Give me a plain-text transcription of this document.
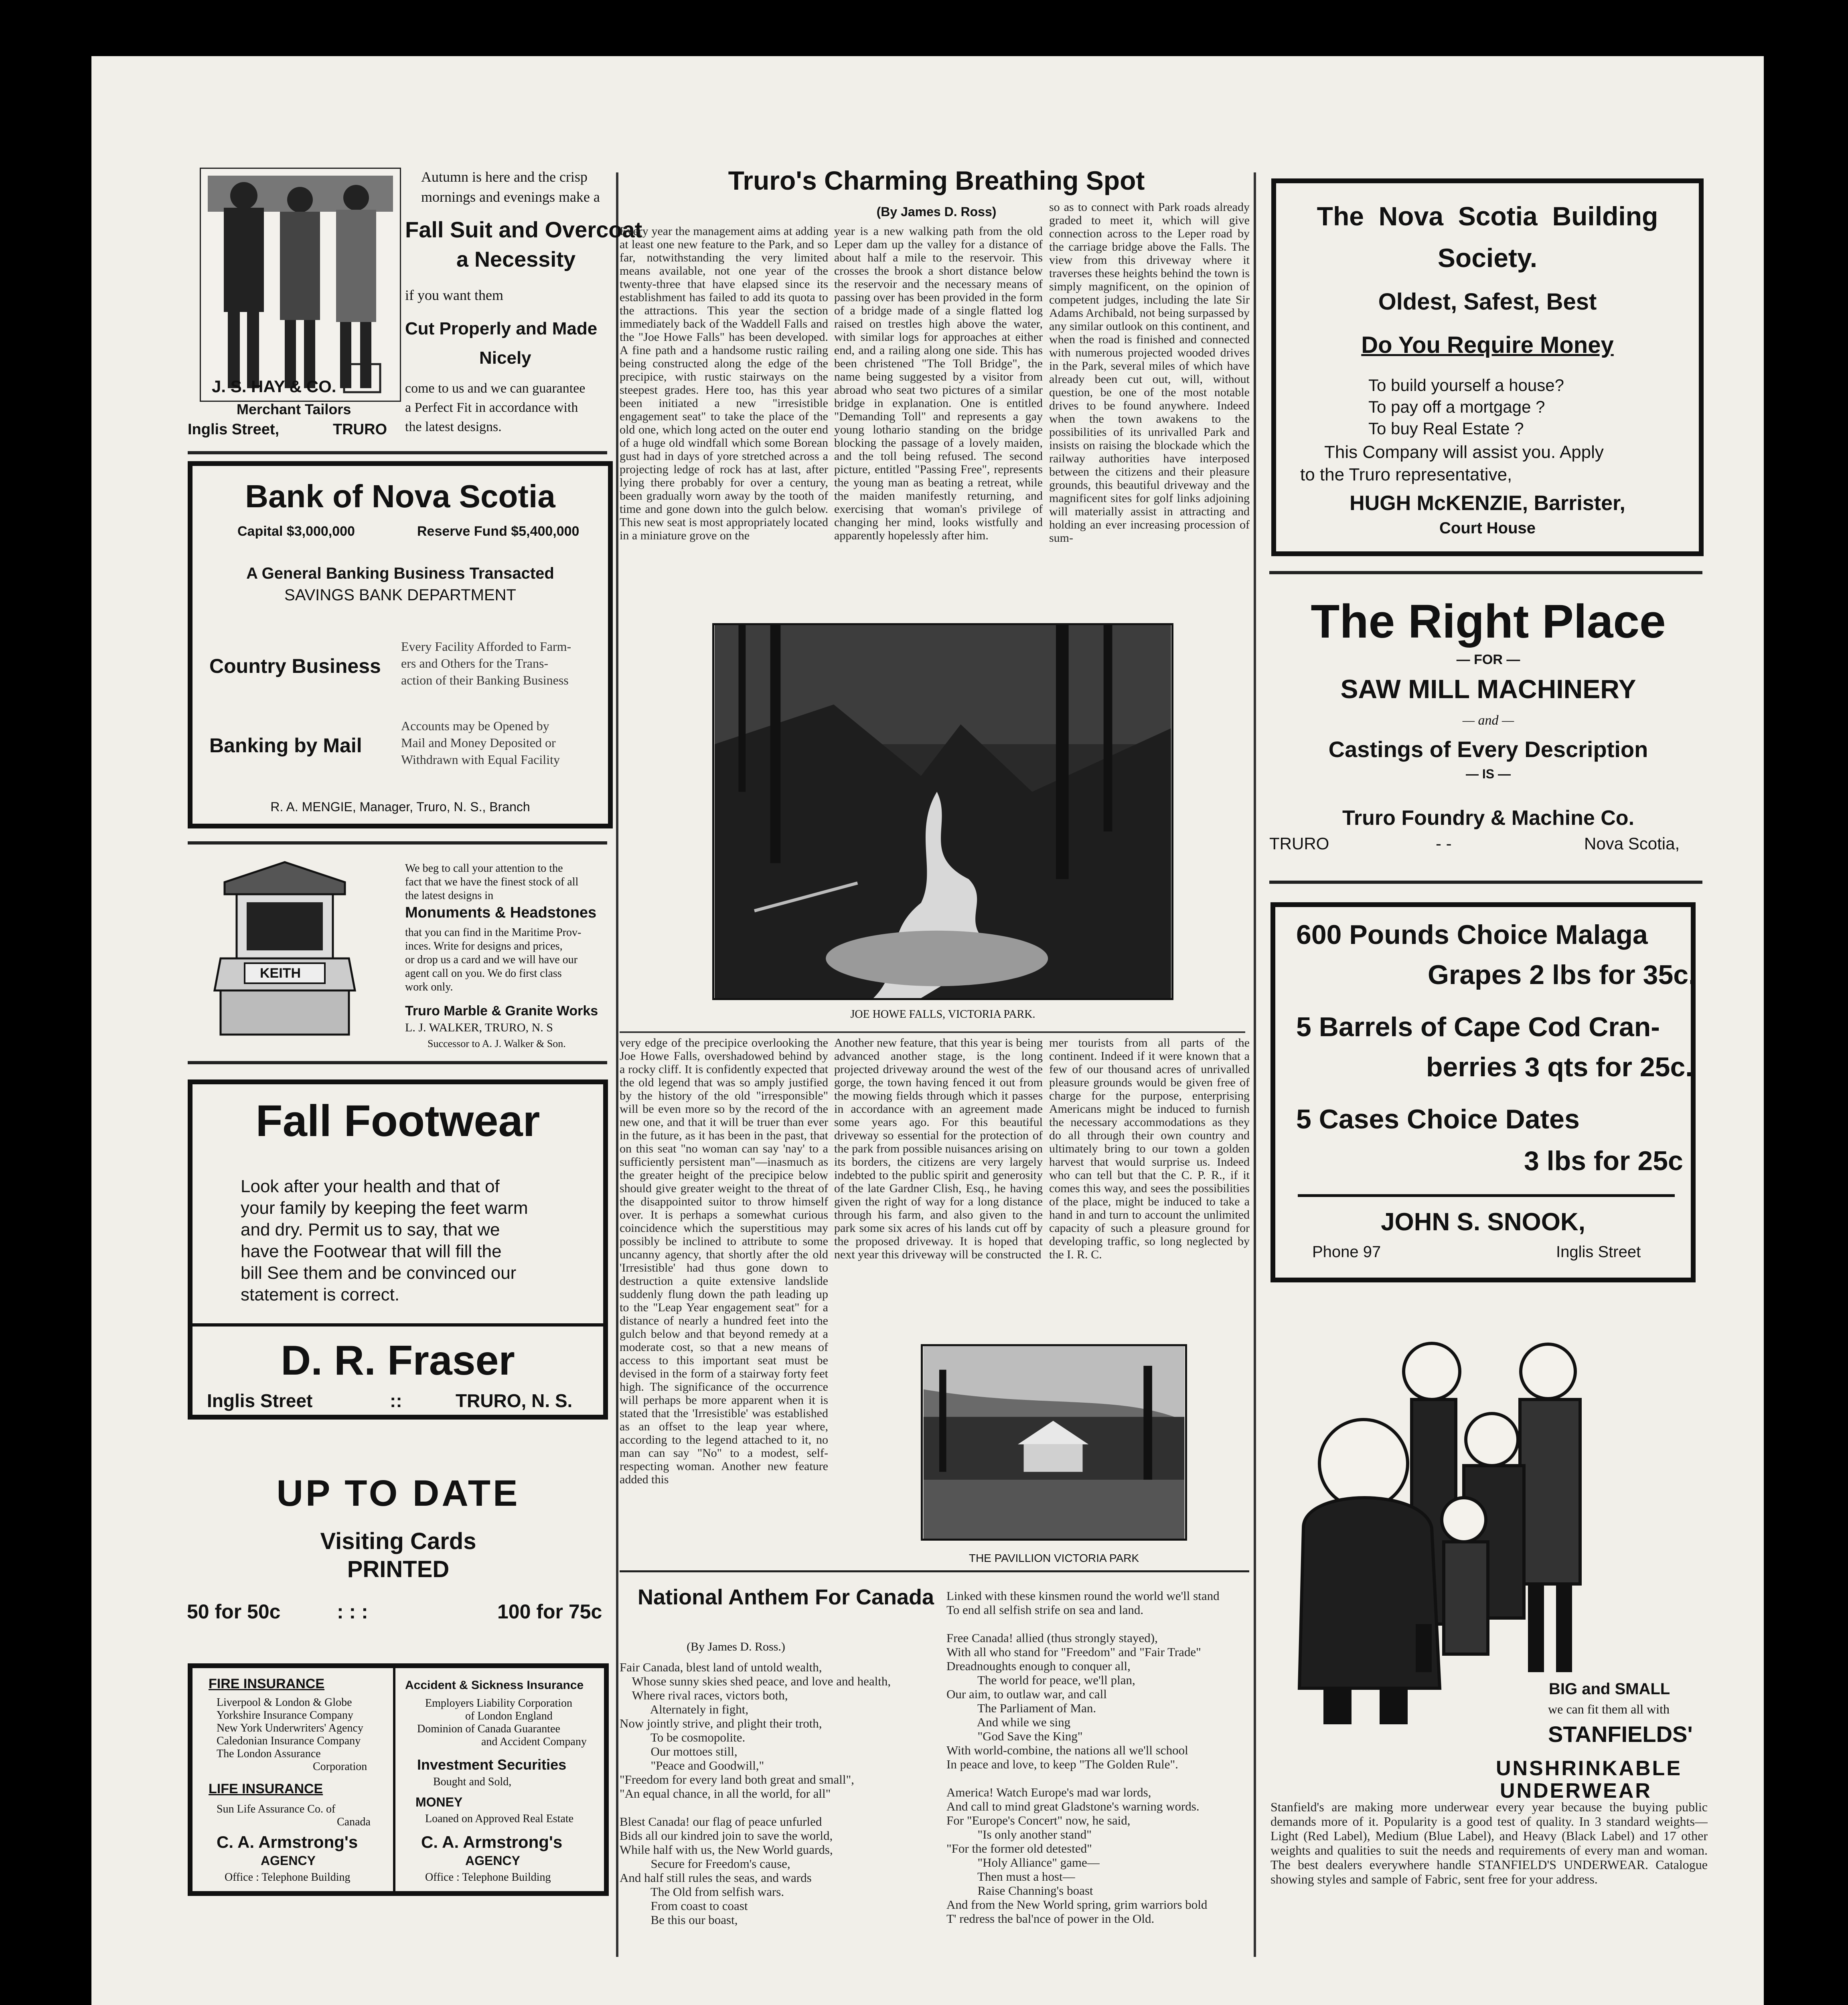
Autumn is here and the crisp
mornings and evenings make a
Fall Suit and Overcoat
a Necessity
if you want them
Cut Properly and Made
Nicely
come to us and we can guarantee
a Perfect Fit in accordance with
the latest designs.
J. S. HAY & CO.
Merchant Tailors
Inglis Street,	TRURO
Bank of Nova Scotia
Capital $3,000,000	Reserve Fund $5,400,000
A General Banking Business Transacted
SAVINGS BANK DEPARTMENT
Country Business
Every Facility Afforded to Farm-
ers and Others for the Trans-
action of their Banking Business
Banking by Mail
Accounts may be Opened by
Mail and Money Deposited or
Withdrawn with Equal Facility
R. A. MENGIE, Manager, Truro, N. S., Branch
KEITH
We beg to call your attention to the
fact that we have the finest stock of all
the latest designs in
Monuments & Headstones
that you can find in the Maritime Prov-
inces. Write for designs and prices,
or drop us a card and we will have our
agent call on you. We do first class
work only.
Truro Marble & Granite Works
L. J. WALKER, TRURO, N. S
Successor to A. J. Walker & Son.
Fall Footwear
Look after your health and that of
your family by keeping the feet warm
and dry. Permit us to say, that we
have the Footwear that will fill the
bill See them and be convinced our
statement is correct.
D. R. Fraser
Inglis Street	::	TRURO, N. S.
UP TO DATE
Visiting Cards
PRINTED
50 for 50c	: : :	100 for 75c
FIRE INSURANCE
Liverpool & London & Globe
Yorkshire Insurance Company
New York Underwriters' Agency
Caledonian Insurance Company
The London Assurance
Corporation
LIFE INSURANCE
Sun Life Assurance Co. of
Canada
C. A. Armstrong's
AGENCY
Office : Telephone Building
Accident & Sickness Insurance
Employers Liability Corporation
of London England
Dominion of Canada Guarantee
and Accident Company
Investment Securities
Bought and Sold,
MONEY
Loaned on Approved Real Estate
C. A. Armstrong's
AGENCY
Office : Telephone Building
Truro's Charming Breathing Spot
(By James D. Ross)
Every year the management aims at adding at least one new feature to the Park, and so far, notwithstanding the very limited means available, not one year of the twenty-three that have elapsed since its establishment has failed to add its quota to the attractions. This year the section immediately back of the Waddell Falls and the "Joe Howe Falls" has been developed. A fine path and a handsome rustic railing being constructed along the edge of the precipice, with rustic stairways on the steepest grades. Here too, has this year been initiated a new "irresistible engagement seat" to take the place of the old one, which long acted on the outer end of a huge old windfall which some Borean gust had in days of yore stretched across a projecting ledge of rock has at last, after lying there probably for over a century, been gradually worn away by the tooth of time and gone down into the gulch below. This new seat is most appropriately located in a miniature grove on the
year is a new walking path from the old Leper dam up the valley for a distance of about half a mile to the reservoir. This crosses the brook a short distance below the reservoir and the necessary means of passing over has been provided in the form of a bridge made of a single flatted log raised on trestles high above the water, with similar logs for approaches at either end, and a railing along one side. This has been christened "The Toll Bridge", the name being suggested by a visitor from abroad who seat two pictures of a similar bridge in explanation. One is entitled "Demanding Toll" and represents a gay young lothario standing on the bridge blocking the passage of a lovely maiden, and the toll being refused. The second picture, entitled "Passing Free", represents the young man as beating a retreat, while the maiden manifestly returning, and exercising that woman's privilege of changing her mind, looks wistfully and apparently hopelessly after him.
so as to connect with Park roads already graded to meet it, which will give connection across to the Leper road by the carriage bridge above the Falls. The view from this driveway where it traverses these heights behind the town is simply magnificent, on the opinion of competent judges, including the late Sir Adams Archibald, not being surpassed by any similar outlook on this continent, and when the road is finished and connected with numerous projected wooded drives in the Park, several miles of which have already been cut out, will, without question, be one of the most notable drives to be found anywhere. Indeed when the town awakens to the possibilities of its unrivalled Park and insists on raising the blockade which the railway authorities have interposed between the citizens and their pleasure grounds, this beautiful driveway and the magnificent sites for golf links adjoining will materially assist in attracting and holding an ever increasing procession of sum-
JOE HOWE FALLS, VICTORIA PARK.
very edge of the precipice overlooking the Joe Howe Falls, overshadowed behind by a rocky cliff. It is confidently expected that the old legend that was so amply justified by the history of the old "irresponsible" will be even more so by the record of the new one, and that it will be truer than ever in the future, as it has been in the past, that on this seat "no woman can say 'nay' to a sufficiently persistent man"—inasmuch as the greater height of the precipice below should give greater weight to the threat of the disappointed suitor to throw himself over. It is perhaps a somewhat curious coincidence which the superstitious may possibly be inclined to attribute to some uncanny agency, that shortly after the old 'Irresistible' had thus gone down to destruction a quite extensive landslide suddenly flung down the path leading up to the "Leap Year engagement seat" for a distance of nearly a hundred feet into the gulch below and that beyond remedy at a moderate cost, so that a new means of access to this important seat must be devised in the form of a stairway forty feet high. The significance of the occurrence will perhaps be more apparent when it is stated that the 'Irresistible' was established as an offset to the leap year where, according to the legend attached to it, no man can say "No" to a modest, self-respecting woman. Another new feature added this
Another new feature, that this year is being advanced another stage, is the long projected driveway around the west of the gorge, the town having fenced it out from the mowing fields through which it passes in accordance with an agreement made some years ago. For this beautiful driveway so essential for the protection of the park from possible nuisances arising on its borders, the citizens are very largely indebted to the public spirit and generosity of the late Gardner Clish, Esq., he having given the right of way for a long distance through his farm, and also given to the park some six acres of his lands cut off by the proposed driveway. It is hoped that next year this driveway will be constructed
mer tourists from all parts of the continent. Indeed if it were known that a few of our thousand acres of unrivalled pleasure grounds would be given free of charge for the purpose, enterprising Americans might be induced to furnish the necessary accommodations as they do all through their own country and ultimately bring to our town a golden harvest that would surprise us. Indeed who can tell but that the C. P. R., if it comes this way, and sees the possibilities of the place, might be induced to take a hand in and turn to account the unlimited capacity of such a pleasure ground for developing traffic, so long neglected by the I. R. C.
THE PAVILLION VICTORIA PARK
National Anthem For Canada
(By James D. Ross.)
Fair Canada, blest land of untold wealth,
Whose sunny skies shed peace, and love and health,
Where rival races, victors both,
Alternately in fight,
Now jointly strive, and plight their troth,
To be cosmopolite.
Our mottoes still,
"Peace and Goodwill,"
"Freedom for every land both great and small",
"An equal chance, in all the world, for all"

Blest Canada! our flag of peace unfurled
Bids all our kindred join to save the world,
While half with us, the New World guards,
Secure for Freedom's cause,
And half still rules the seas, and wards
The Old from selfish wars.
From coast to coast
Be this our boast,
Linked with these kinsmen round the world we'll stand
To end all selfish strife on sea and land.

Free Canada! allied (thus strongly stayed),
With all who stand for "Freedom" and "Fair Trade"
Dreadnoughts enough to conquer all,
The world for peace, we'll plan,
Our aim, to outlaw war, and call
The Parliament of Man.
And while we sing
"God Save the King"
With world-combine, the nations all we'll school
In peace and love, to keep "The Golden Rule".

America! Watch Europe's mad war lords,
And call to mind great Gladstone's warning words.
For "Europe's Concert" now, he said,
"Is only another stand"
"For the former old detested"
"Holy Alliance" game—
Then must a host—
Raise Channing's boast
And from the New World spring, grim warriors bold
T' redress the bal'nce of power in the Old.
The  Nova  Scotia  Building
Society.
Oldest, Safest, Best
Do You Require Money
To build yourself a house?
To pay off a mortgage ?
To buy Real Estate ?
This Company will assist you. Apply
to the Truro representative,
HUGH McKENZIE, Barrister,
Court House
The Right Place
— FOR —
SAW MILL MACHINERY
— and —
Castings of Every Description
— IS —
Truro Foundry & Machine Co.
TRURO	- -	Nova Scotia,
600 Pounds Choice Malaga
Grapes 2 lbs for 35c.
5 Barrels of Cape Cod Cran-
berries 3 qts for 25c.
5 Cases Choice Dates
3 lbs for 25c
JOHN S. SNOOK,
Phone 97	Inglis Street
BIG and SMALL
we can fit them all with
STANFIELDS'
UNSHRINKABLE
UNDERWEAR
Stanfield's are making more underwear every year because the buying public demands more of it. Popularity is a good test of quality. In 3 standard weights—Light (Red Label), Medium (Blue Label), and Heavy (Black Label) and 17 other weights and qualities to suit the needs and requirements of every man and woman. The best dealers everywhere handle STANFIELD'S UNDERWEAR. Catalogue showing styles and sample of Fabric, sent free for your address.
